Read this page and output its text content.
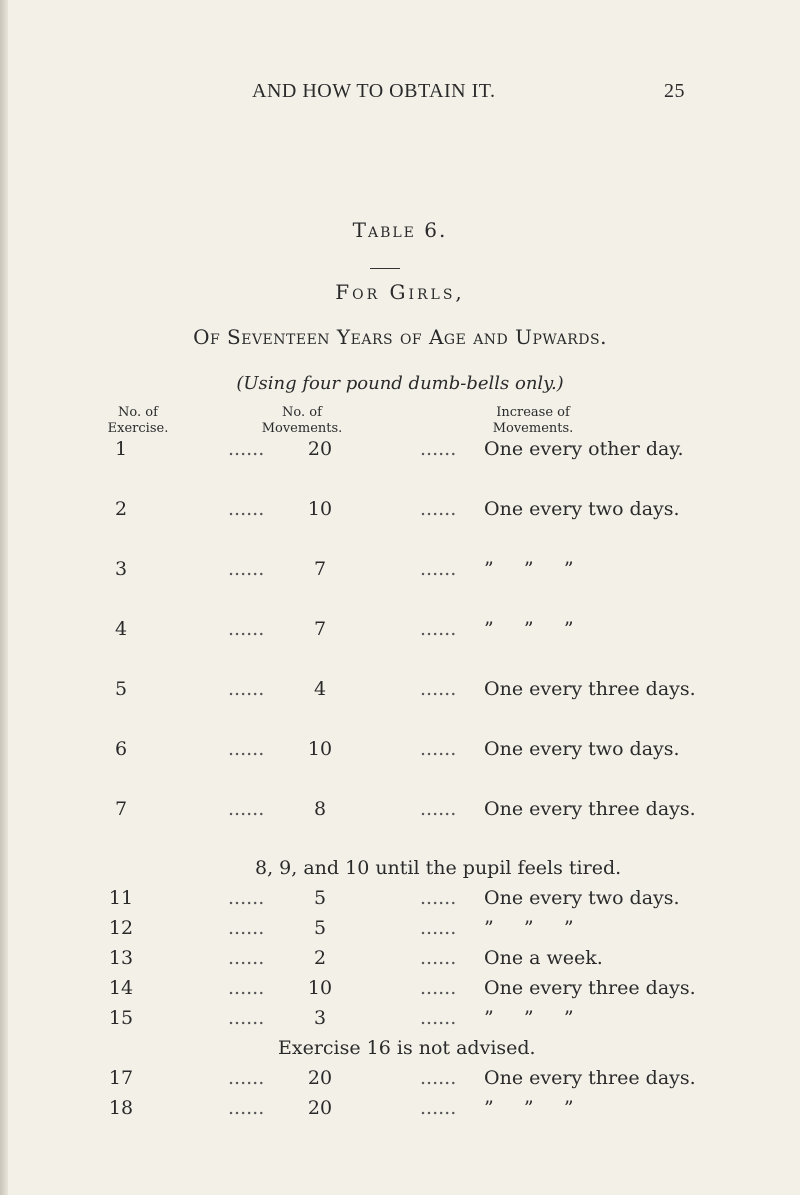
AND HOW TO OBTAIN IT.	25
Table 6.
For Girls,
Of Seventeen Years of Age and Upwards.
(Using four pound dumb-bells only.)
No. of Exercise.
No. of Movements.
Increase of Movements.
1	......	20	...... One every other day.
2	......	10	...... One every two days.
3	......	7	...... ”     ”     ”
4	......	7	...... ”     ”     ”
5	......	4	...... One every three days.
6	......	10	...... One every two days.
7	......	8	...... One every three days.
8, 9, and 10 until the pupil feels tired.
11	......	5	...... One every two days.
12	......	5	...... ”     ”     ”
13	......	2	...... One a week.
14	......	10	...... One every three days.
15	......	3	...... ”     ”     ”
Exercise 16 is not advised.
17	......	20	...... One every three days.
18	......	20	...... ”     ”     ”
